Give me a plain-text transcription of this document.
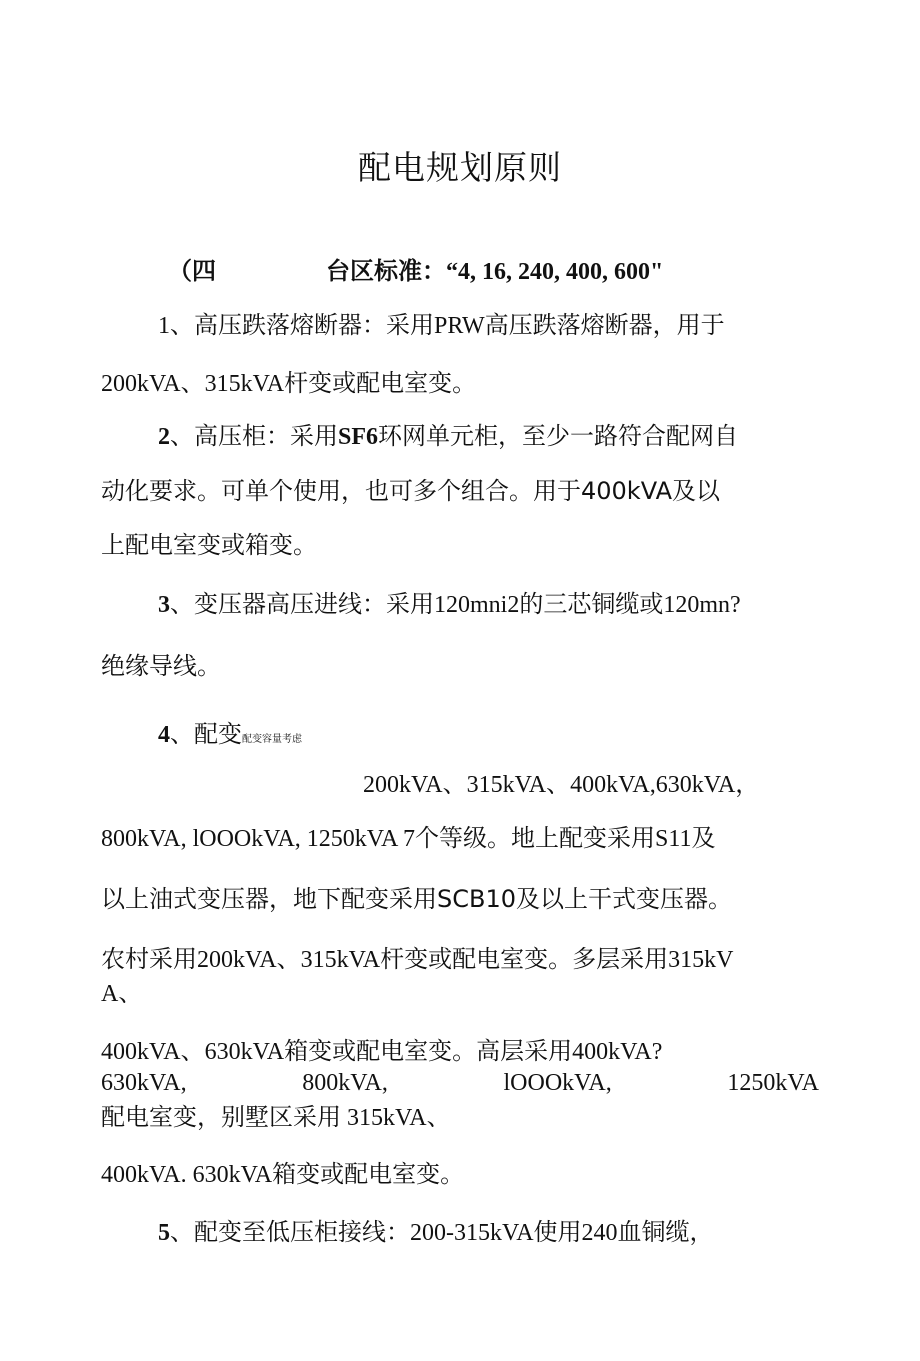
配电规划原则
（四	台区标准：“4, 16, 240, 400, 600"
1、高压跌落熔断器：采用PRW高压跌落熔断器，用于
200kVA、315kVA杆变或配电室变。
2、高压柜：采用SF6环网单元柜，至少一路符合配网自
动化要求。可单个使用，也可多个组合。用于400kVA及以
上配电室变或箱变。
3、变压器高压进线：采用120mni2的三芯铜缆或120mn?
绝缘导线。
4、配变配变容量考虑
200kVA、315kVA、400kVA,630kVA，
800kVA, lOOOkVA, 1250kVA 7个等级。地上配变采用S11及
以上油式变压器，地下配变采用SCB10及以上干式变压器。
农村采用200kVA、315kVA杆变或配电室变。多层采用315kV
A、
400kVA、630kVA箱变或配电室变。高层采用400kVA?
630kVA,	800kVA,	lOOOkVA,	1250kVA
配电室变，别墅区采用 315kVA、
400kVA. 630kVA箱变或配电室变。
5、配变至低压柜接线：200-315kVA使用240血铜缆，
